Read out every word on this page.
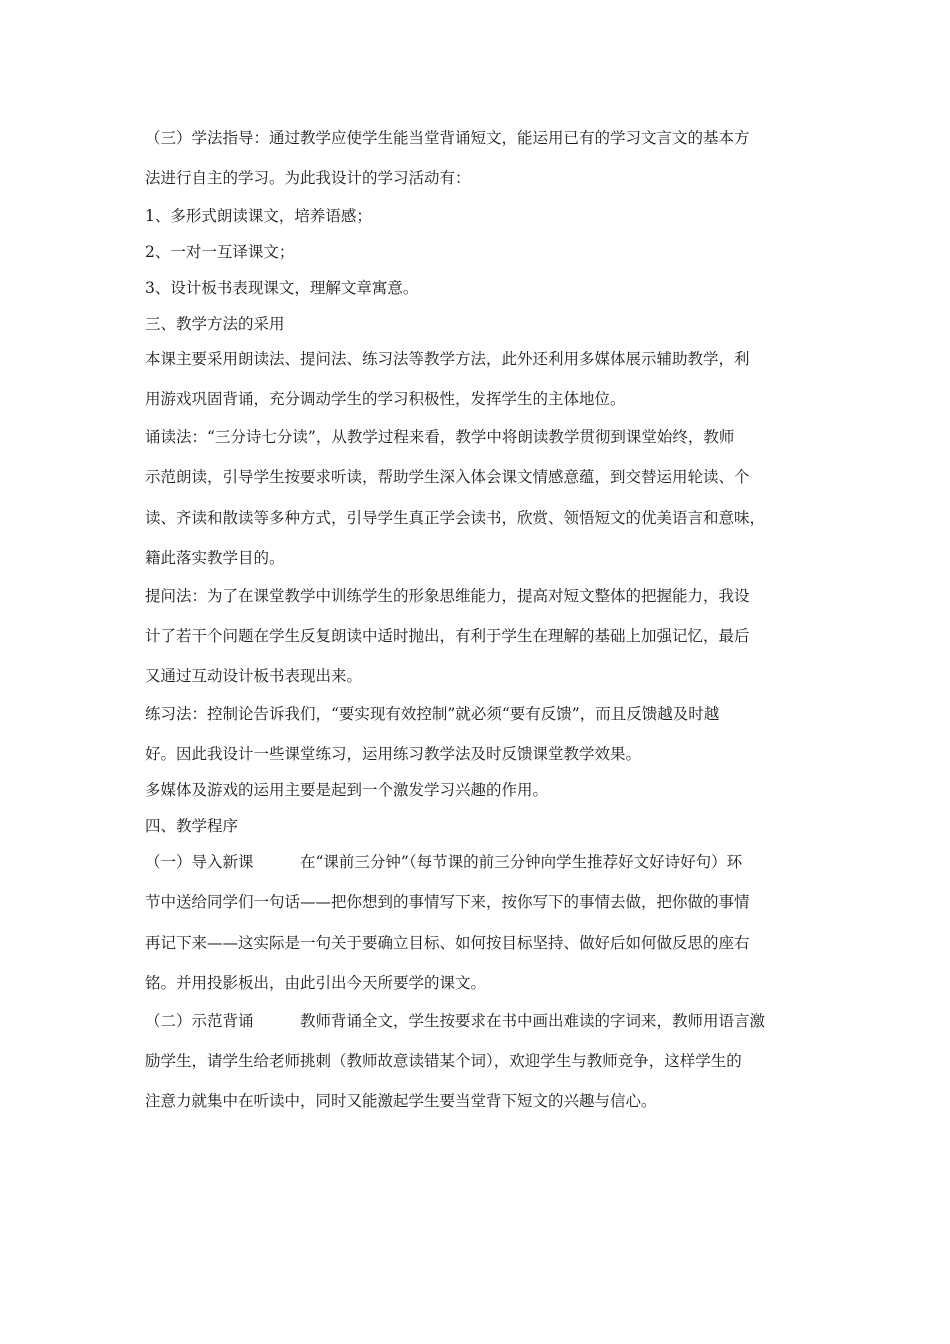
（三）学法指导：通过教学应使学生能当堂背诵短文，能运用已有的学习文言文的基本方
法进行自主的学习。为此我设计的学习活动有：
1、多形式朗读课文，培养语感；
2、一对一互译课文；
3、设计板书表现课文，理解文章寓意。
三、教学方法的采用
本课主要采用朗读法、提问法、练习法等教学方法，此外还利用多媒体展示辅助教学，利
用游戏巩固背诵，充分调动学生的学习积极性，发挥学生的主体地位。
诵读法：“三分诗七分读”，从教学过程来看，教学中将朗读教学贯彻到课堂始终，教师
示范朗读，引导学生按要求听读，帮助学生深入体会课文情感意蕴，到交替运用轮读、个
读、齐读和散读等多种方式，引导学生真正学会读书，欣赏、领悟短文的优美语言和意味，
籍此落实教学目的。
提问法：为了在课堂教学中训练学生的形象思维能力，提高对短文整体的把握能力，我设
计了若干个问题在学生反复朗读中适时抛出，有利于学生在理解的基础上加强记忆，最后
又通过互动设计板书表现出来。
练习法：控制论告诉我们，“要实现有效控制”就必须“要有反馈”，而且反馈越及时越
好。因此我设计一些课堂练习，运用练习教学法及时反馈课堂教学效果。
多媒体及游戏的运用主要是起到一个激发学习兴趣的作用。
四、教学程序
（一）导入新课　　　在“课前三分钟”（每节课的前三分钟向学生推荐好文好诗好句）环
节中送给同学们一句话——把你想到的事情写下来，按你写下的事情去做，把你做的事情
再记下来——这实际是一句关于要确立目标、如何按目标坚持、做好后如何做反思的座右
铭。并用投影板出，由此引出今天所要学的课文。
（二）示范背诵　　　教师背诵全文，学生按要求在书中画出难读的字词来，教师用语言激
励学生，请学生给老师挑刺（教师故意读错某个词），欢迎学生与教师竞争，这样学生的
注意力就集中在听读中，同时又能激起学生要当堂背下短文的兴趣与信心。
